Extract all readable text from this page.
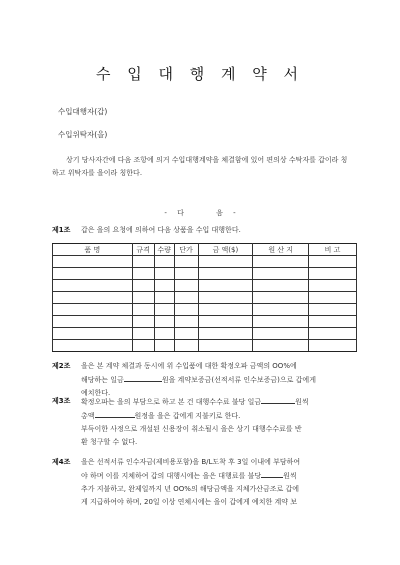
수 입 대 행 계 약 서
수입대행자(갑)
수입위탁자(을)
상기 당사자간에 다음 조항에 의거 수입대행계약을 체결함에 있어 편의상 수탁자를 갑이라 칭하고 위탁자를 을이라 칭한다.
- 다	음 -
제1조 갑은 을의 요청에 의하여 다음 상품을 수입 대행한다.

품 명	규격	수량	단가	금 액($)	원 산 지	비 고

제2조 을은 본 계약 체결과 동시에 위 수입품에 대한 확정오파 금액의 OO%에

해당하는 일금	원을 계약보증금(선적서류 인수보증금)으로 갑에게

예치한다.

제3조 확정오파는 을의 부담으로 하고 본 건 대행수수료 불당 일금	원씩

총액	원정을 을은 갑에게 지불키로 한다.

부득이한 사정으로 개설된 신용장이 취소될시 을은 상기 대행수수료를 반

환 청구할 수 없다.

제4조 을은 선적서류 인수자금(제비용포함)을 B/L도착 후 3일 이내에 부담하여

야 하며 이를 지체하여 갑의 대행시에는 을은 대행료를 불당	원씩

추가 지불하고, 완제일까지 년 OO%의 해당금액을 지체가산금조로 갑에

게 지급하여야 하며, 20일 이상 연체시에는 을이 갑에게 예치한 계약 보
